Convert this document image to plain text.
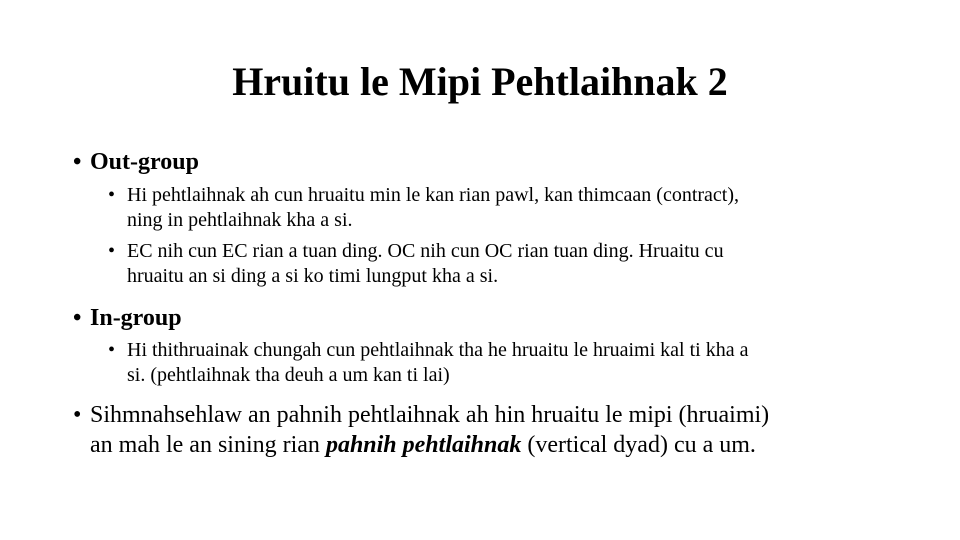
Hruitu le Mipi Pehtlaihnak 2
• Out-group
• Hi pehtlaihnak ah cun hruaitu min le kan rian pawl, kan thimcaan (contract),
ning in pehtlaihnak kha a si.
• EC nih cun EC rian a tuan ding. OC nih cun OC rian tuan ding. Hruaitu cu
hruaitu an si ding a si ko timi lungput kha a si.
• In-group
• Hi thithruainak chungah cun pehtlaihnak tha he hruaitu le hruaimi kal ti kha a
si. (pehtlaihnak tha deuh a um kan ti lai)
• Sihmnahsehlaw an pahnih pehtlaihnak ah hin hruaitu le mipi (hruaimi)
an mah le an sining rian pahnih pehtlaihnak (vertical dyad) cu a um.
